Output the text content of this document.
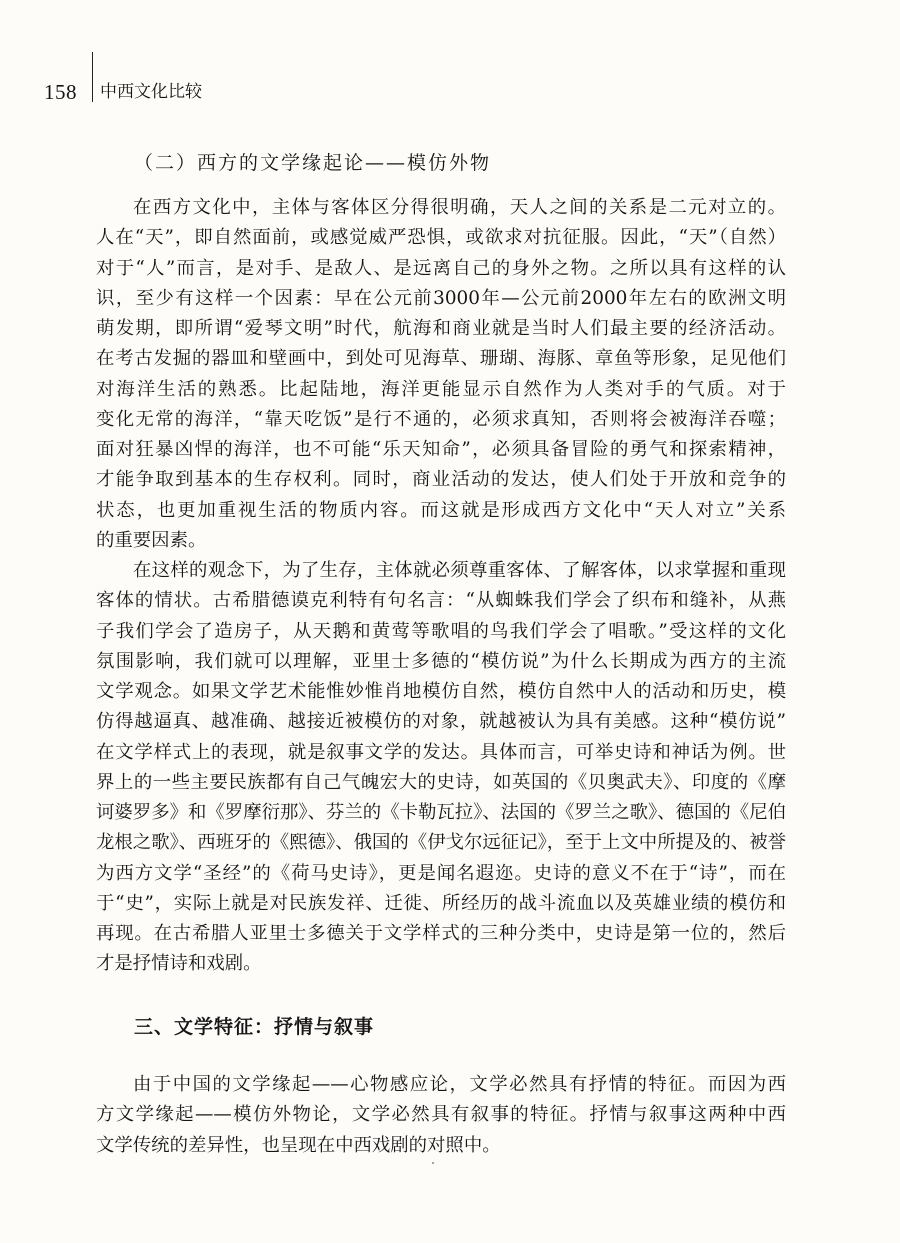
158 中西文化比较
（二）西方的文学缘起论——模仿外物

在西方文化中，主体与客体区分得很明确，天人之间的关系是二元对立的。
人在“天”，即自然面前，或感觉威严恐惧，或欲求对抗征服。因此，“天”（自然）
对于“人”而言，是对手、是敌人、是远离自己的身外之物。之所以具有这样的认
识，至少有这样一个因素：早在公元前3000年—公元前2000年左右的欧洲文明
萌发期，即所谓“爱琴文明”时代，航海和商业就是当时人们最主要的经济活动。
在考古发掘的器皿和壁画中，到处可见海草、珊瑚、海豚、章鱼等形象，足见他们
对海洋生活的熟悉。比起陆地，海洋更能显示自然作为人类对手的气质。对于
变化无常的海洋，“靠天吃饭”是行不通的，必须求真知，否则将会被海洋吞噬；
面对狂暴凶悍的海洋，也不可能“乐天知命”，必须具备冒险的勇气和探索精神，
才能争取到基本的生存权利。同时，商业活动的发达，使人们处于开放和竞争的
状态，也更加重视生活的物质内容。而这就是形成西方文化中“天人对立”关系
的重要因素。

在这样的观念下，为了生存，主体就必须尊重客体、了解客体，以求掌握和重现
客体的情状。古希腊德谟克利特有句名言：“从蜘蛛我们学会了织布和缝补，从燕
子我们学会了造房子，从天鹅和黄莺等歌唱的鸟我们学会了唱歌。”受这样的文化
氛围影响，我们就可以理解，亚里士多德的“模仿说”为什么长期成为西方的主流
文学观念。如果文学艺术能惟妙惟肖地模仿自然，模仿自然中人的活动和历史，模
仿得越逼真、越准确、越接近被模仿的对象，就越被认为具有美感。这种“模仿说”
在文学样式上的表现，就是叙事文学的发达。具体而言，可举史诗和神话为例。世
界上的一些主要民族都有自己气魄宏大的史诗，如英国的《贝奥武夫》、印度的《摩
诃婆罗多》和《罗摩衍那》、芬兰的《卡勒瓦拉》、法国的《罗兰之歌》、德国的《尼伯
龙根之歌》、西班牙的《熙德》、俄国的《伊戈尔远征记》，至于上文中所提及的、被誉
为西方文学“圣经”的《荷马史诗》，更是闻名遐迩。史诗的意义不在于“诗”，而在
于“史”，实际上就是对民族发祥、迁徙、所经历的战斗流血以及英雄业绩的模仿和
再现。在古希腊人亚里士多德关于文学样式的三种分类中，史诗是第一位的，然后
才是抒情诗和戏剧。

三、文学特征：抒情与叙事

由于中国的文学缘起——心物感应论，文学必然具有抒情的特征。而因为西
方文学缘起——模仿外物论，文学必然具有叙事的特征。抒情与叙事这两种中西
文学传统的差异性，也呈现在中西戏剧的对照中。
